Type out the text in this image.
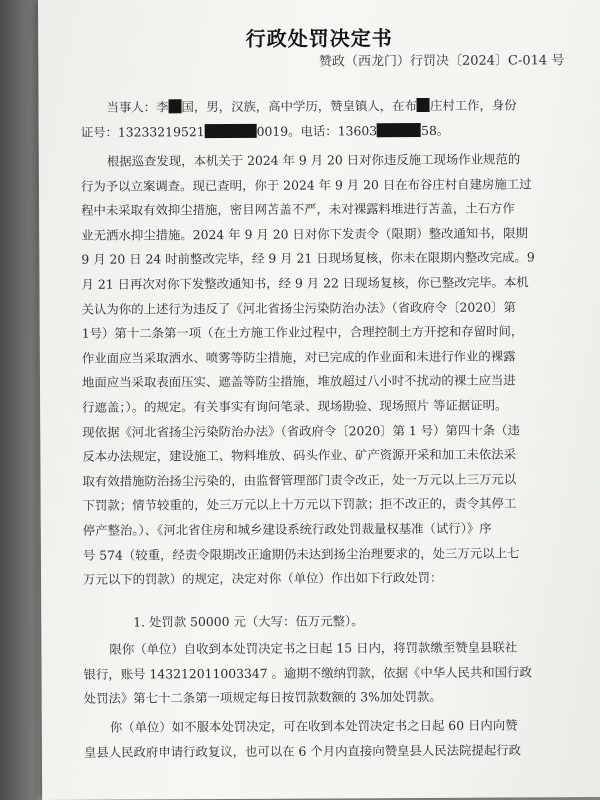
行政处罚决定书
赞政（西龙门）行罚决〔2024〕C-014 号
当事人：李 国，男，汉族，高中学历，赞皇镇人，在布 庄村工作，身份
证号：13233219521	0019。电话：13603	58。
根据巡查发现，本机关于 2024 年 9 月 20 日对你违反施工现场作业规范的
行为予以立案调查。现已查明，你于 2024 年 9 月 20 日在布谷庄村自建房施工过
程中未采取有效抑尘措施，密目网苫盖不严，未对裸露料堆进行苫盖，土石方作
业无洒水抑尘措施。2024 年 9 月 20 日对你下发责令（限期）整改通知书，限期
9 月 20 日 24 时前整改完毕，经 9 月 21 日现场复核，你未在限期内整改完成。9
月 21 日再次对你下发整改通知书，经 9 月 22 日现场复核，你已整改完毕。本机
关认为你的上述行为违反了《河北省扬尘污染防治办法》（省政府令〔2020〕第
1号）第十二条第一项（在土方施工作业过程中，合理控制土方开挖和存留时间，
作业面应当采取洒水、喷雾等防尘措施，对已完成的作业面和未进行作业的裸露
地面应当采取表面压实、遮盖等防尘措施，堆放超过八小时不扰动的裸土应当进
行遮盖；）。的规定。有关事实有询问笔录、现场勘验、现场照片 等证据证明。
现依据《河北省扬尘污染防治办法》（省政府令〔2020〕第 1 号）第四十条（违
反本办法规定，建设施工、物料堆放、码头作业、矿产资源开采和加工未依法采
取有效措施防治扬尘污染的，由监督管理部门责令改正，处一万元以上三万元以
下罚款；情节较重的，处三万元以上十万元以下罚款；拒不改正的，责令其停工
停产整治。）、《河北省住房和城乡建设系统行政处罚裁量权基准（试行）》序
号 574（较重，经责令限期改正逾期仍未达到扬尘治理要求的，处三万元以上七
万元以下的罚款）的规定，决定对你（单位）作出如下行政处罚：
1. 处罚款 50000 元（大写：伍万元整）。
限你（单位）自收到本处罚决定书之日起 15 日内，将罚款缴至赞皇县联社
银行，账号 143212011003347 。逾期不缴纳罚款，依据《中华人民共和国行政
处罚法》第七十二条第一项规定每日按罚款数额的 3%加处罚款。
你（单位）如不服本处罚决定，可在收到本处罚决定书之日起 60 日内向赞
皇县人民政府申请行政复议，也可以在 6 个月内直接向赞皇县人民法院提起行政
